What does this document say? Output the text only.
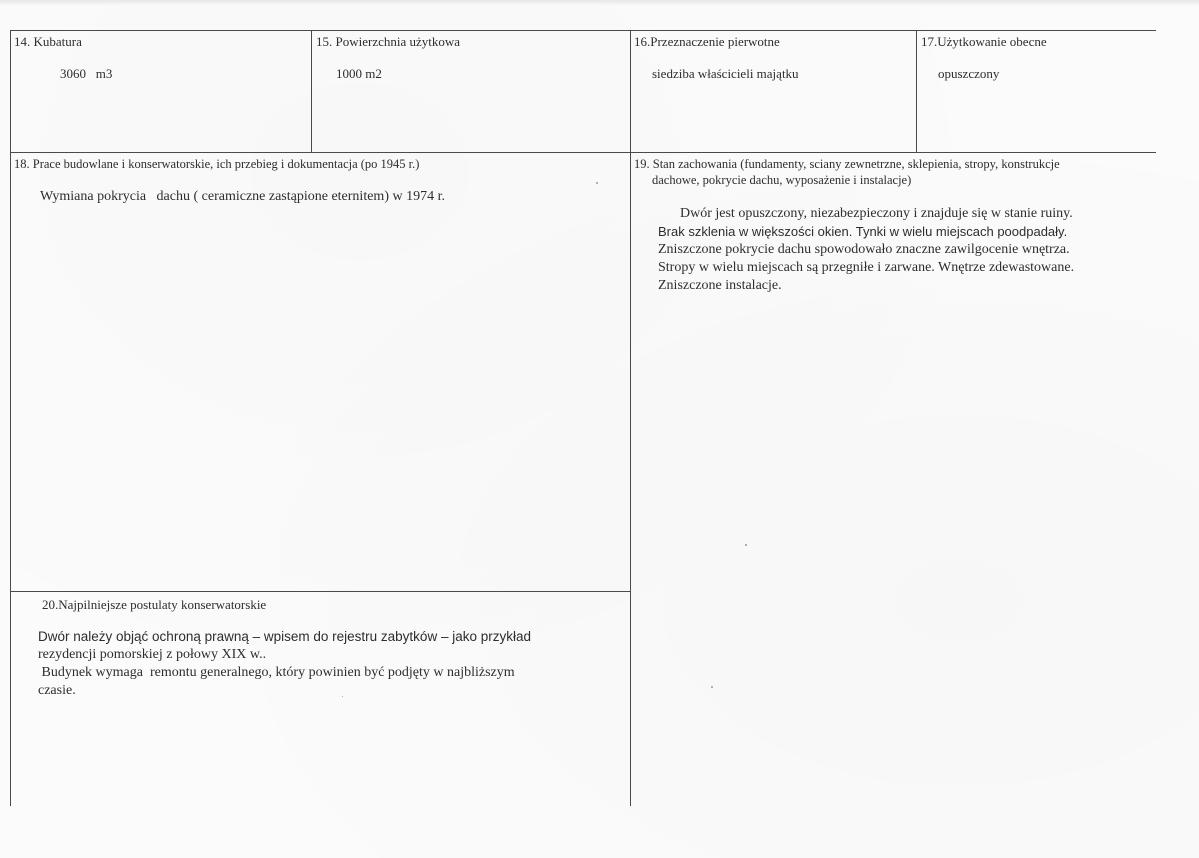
14. Kubatura
3060   m3
15. Powierzchnia użytkowa
1000 m2
16.Przeznaczenie pierwotne
siedziba właścicieli majątku
17.Użytkowanie obecne
opuszczony
18. Prace budowlane i konserwatorskie, ich przebieg i dokumentacja (po 1945 r.)
Wymiana pokrycia   dachu ( ceramiczne zastąpione eternitem) w 1974 r.
19. Stan zachowania (fundamenty, sciany zewnetrzne, sklepienia, stropy, konstrukcje
dachowe, pokrycie dachu, wyposażenie i instalacje)
Dwór jest opuszczony, niezabezpieczony i znajduje się w stanie ruiny.
Brak szklenia w większości okien. Tynki w wielu miejscach poodpadały.
Zniszczone pokrycie dachu spowodowało znaczne zawilgocenie wnętrza.
Stropy w wielu miejscach są przegniłe i zarwane. Wnętrze zdewastowane.
Zniszczone instalacje.
20.Najpilniejsze postulaty konserwatorskie
Dwór należy objąć ochroną prawną – wpisem do rejestru zabytków – jako przykład
rezydencji pomorskiej z połowy XIX w..
Budynek wymaga  remontu generalnego, który powinien być podjęty w najbliższym
czasie.
